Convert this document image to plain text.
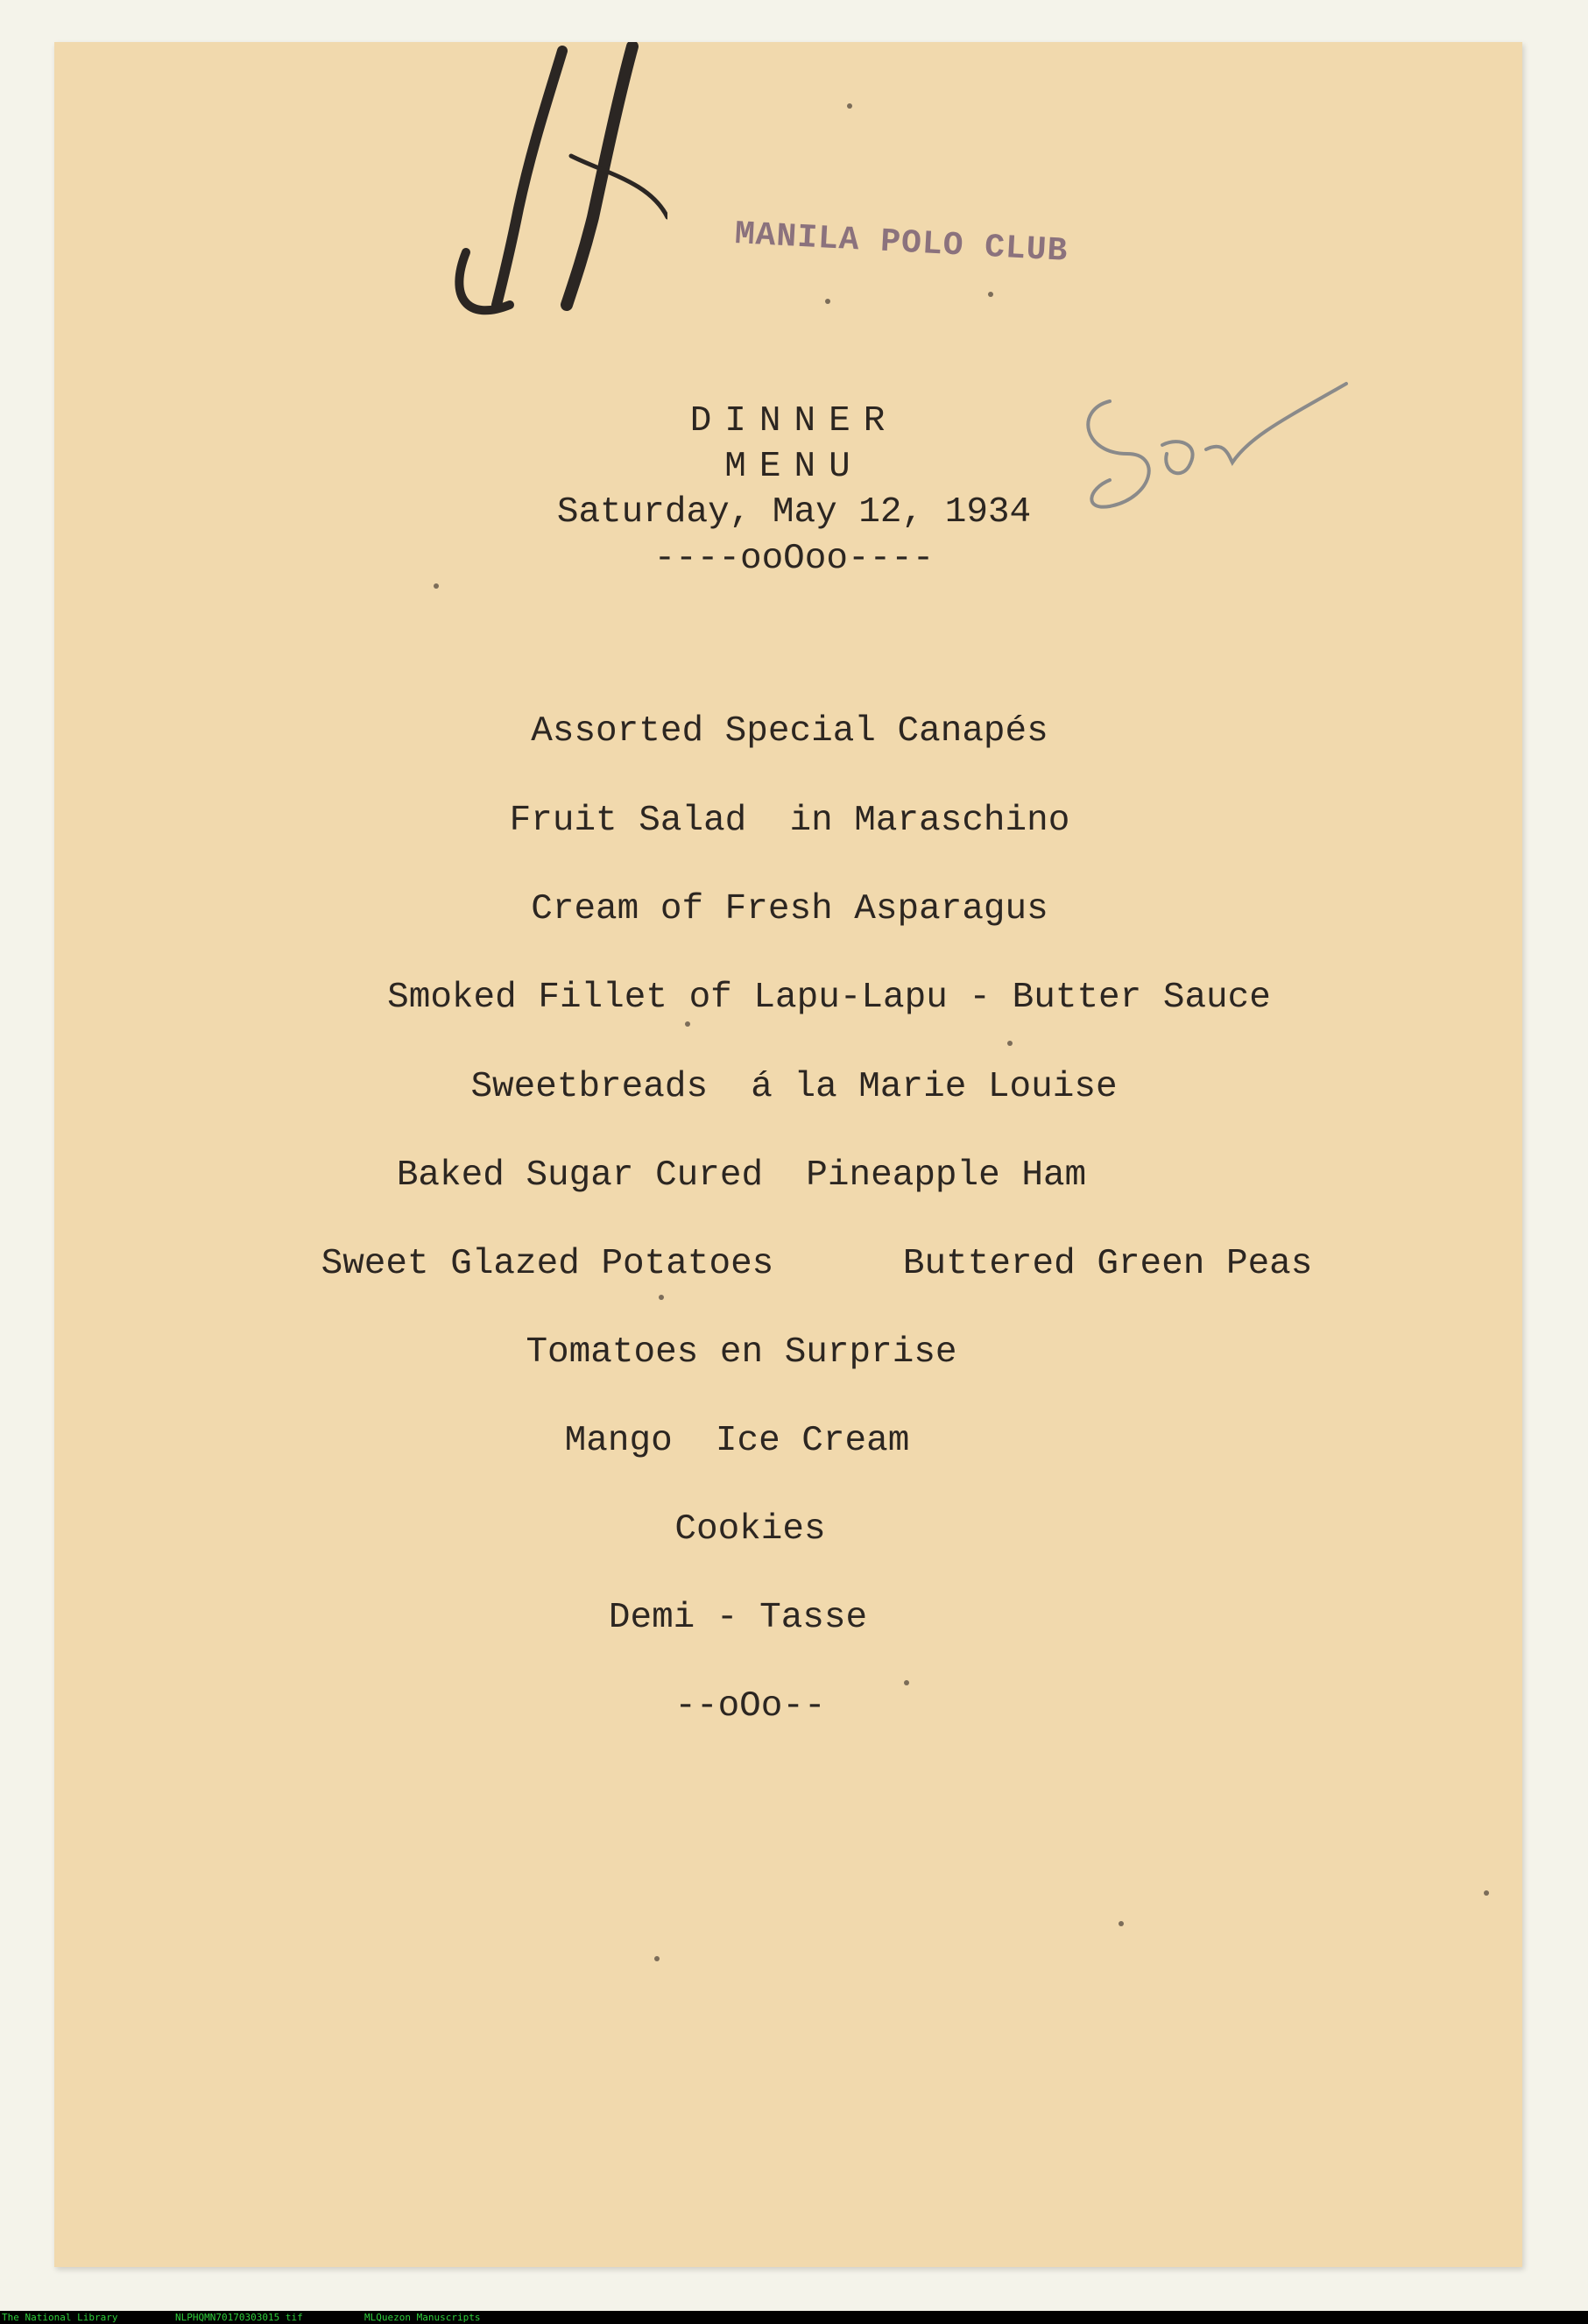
MANILA POLO CLUB
DINNER
MENU
Saturday, May 12, 1934
----ooOoo----
Assorted Special Canapés
Fruit Salad  in Maraschino
Cream of Fresh Asparagus
Smoked Fillet of Lapu-Lapu - Butter Sauce
Sweetbreads  á la Marie Louise
Baked Sugar Cured  Pineapple Ham
Sweet Glazed Potatoes      Buttered Green Peas
Tomatoes en Surprise
Mango  Ice Cream
Cookies
Demi - Tasse
--oOo--
The National Library	NLPHQMN70170303015 tif	MLQuezon Manuscripts
